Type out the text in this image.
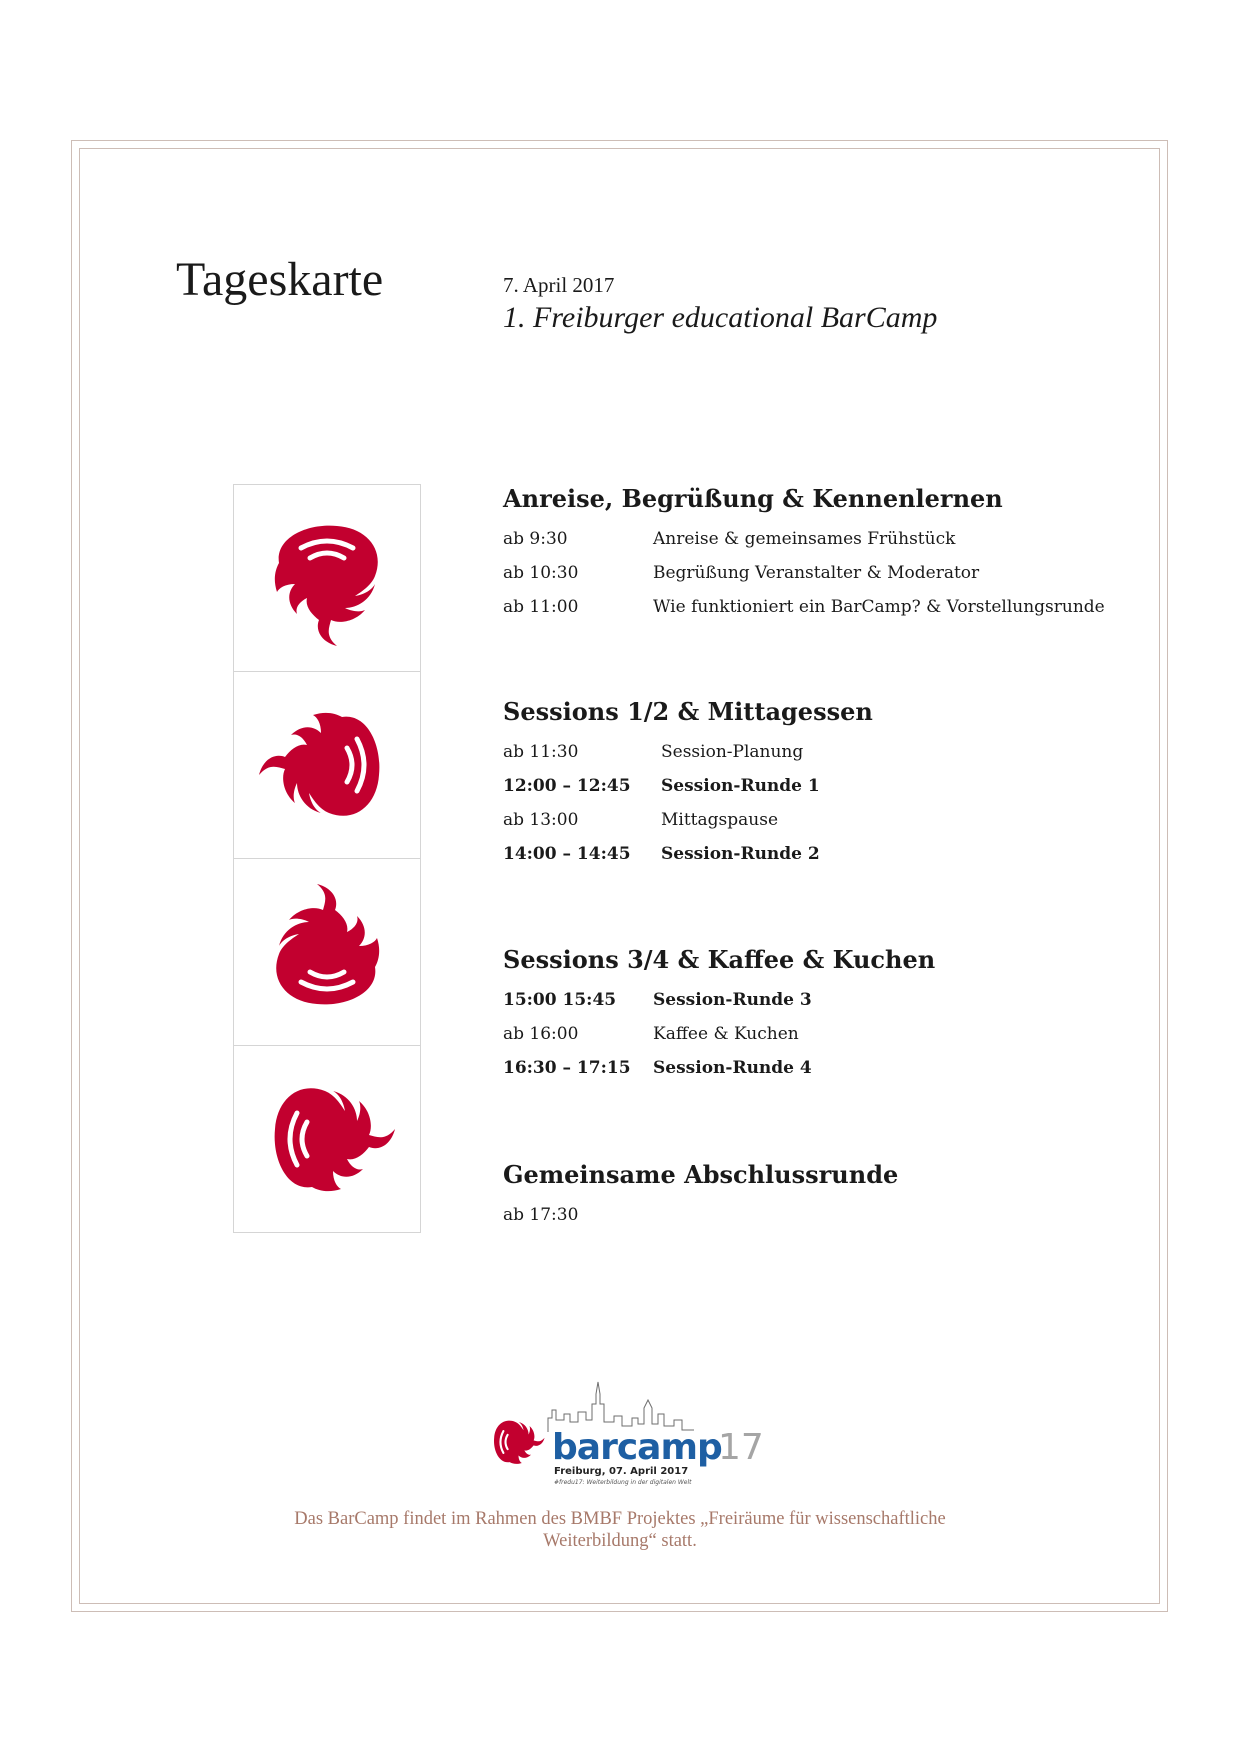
Tageskarte	7. April 2017
1. Freiburger educational BarCamp
Anreise, Begrüßung & Kennenlernen
ab 9:30	Anreise & gemeinsames Frühstück
ab 10:30	Begrüßung Veranstalter & Moderator
ab 11:00	Wie funktioniert ein BarCamp? & Vorstellungsrunde
Sessions 1/2 & Mittagessen
ab 11:30	Session-Planung
12:00 – 12:45	Session-Runde 1
ab 13:00	Mittagspause
14:00 – 14:45	Session-Runde 2
Sessions 3/4 & Kaffee & Kuchen
15:00 15:45	Session-Runde 3
ab 16:00	Kaffee & Kuchen
16:30 – 17:15	Session-Runde 4
Gemeinsame Abschlussrunde
ab 17:30
barcamp
17
Freiburg, 07. April 2017
#fredu17: Weiterbildung in der digitalen Welt
Das BarCamp findet im Rahmen des BMBF Projektes „Freiräume für wissenschaftliche
Weiterbildung“ statt.
